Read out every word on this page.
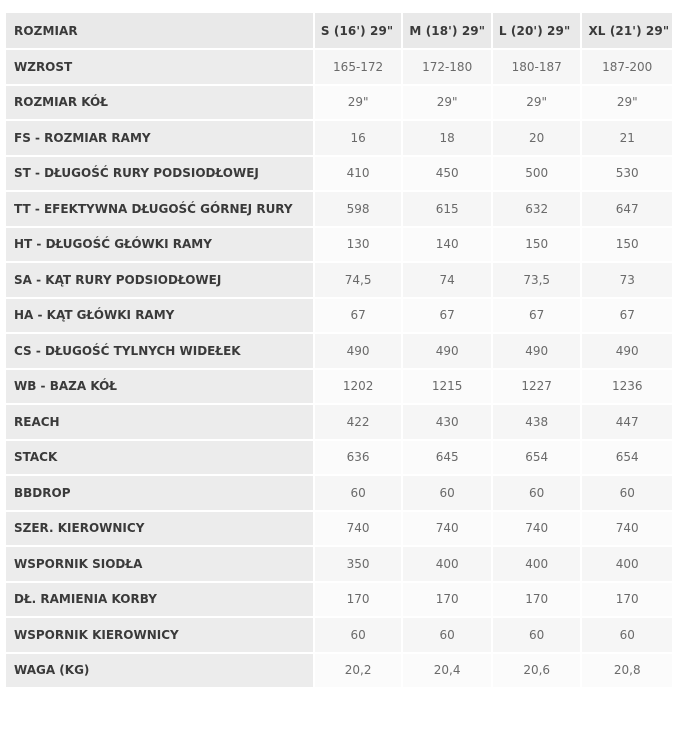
ROZMIAR	S (16') 29"	M (18') 29"	L (20') 29"	XL (21') 29"
WZROST	165-172	172-180	180-187	187-200
ROZMIAR KÓŁ	29"	29"	29"	29"
FS - ROZMIAR RAMY	16	18	20	21
ST - DŁUGOŚĆ RURY PODSIODŁOWEJ	410	450	500	530
TT - EFEKTYWNA DŁUGOŚĆ GÓRNEJ RURY	598	615	632	647
HT - DŁUGOŚĆ GŁÓWKI RAMY	130	140	150	150
SA - KĄT RURY PODSIODŁOWEJ	74,5	74	73,5	73
HA - KĄT GŁÓWKI RAMY	67	67	67	67
CS - DŁUGOŚĆ TYLNYCH WIDEŁEK	490	490	490	490
WB - BAZA KÓŁ	1202	1215	1227	1236
REACH	422	430	438	447
STACK	636	645	654	654
BBDROP	60	60	60	60
SZER. KIEROWNICY	740	740	740	740
WSPORNIK SIODŁA	350	400	400	400
DŁ. RAMIENIA KORBY	170	170	170	170
WSPORNIK KIEROWNICY	60	60	60	60
WAGA (KG)	20,2	20,4	20,6	20,8
